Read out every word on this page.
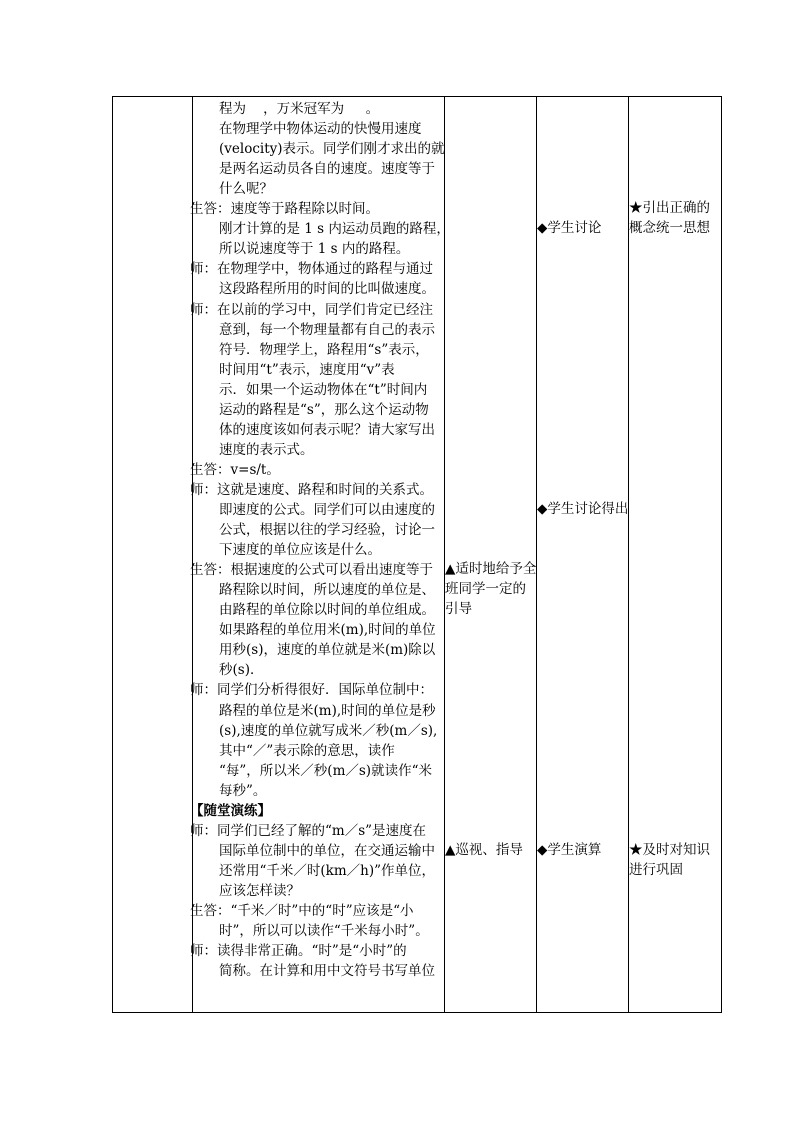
程为    ，万米冠军为     。
在物理学中物体运动的快慢用速度
(velocity)表示。同学们刚才求出的就
是两名运动员各自的速度。速度等于
什么呢？
生答：速度等于路程除以时间。
刚才计算的是 1 s 内运动员跑的路程，
所以说速度等于 1 s 内的路程。
师：在物理学中，物体通过的路程与通过
这段路程所用的时间的比叫做速度。
师：在以前的学习中，同学们肯定已经注
意到，每一个物理量都有自己的表示
符号．物理学上，路程用“s”表示，
时间用“t”表示，速度用“v”表
示．如果一个运动物体在“t”时间内
运动的路程是“s”，那么这个运动物
体的速度该如何表示呢？请大家写出
速度的表示式。
生答：v=s/t。
师：这就是速度、路程和时间的关系式。
即速度的公式。同学们可以由速度的
公式，根据以往的学习经验，讨论一
下速度的单位应该是什么。
生答：根据速度的公式可以看出速度等于
路程除以时间，所以速度的单位是、
由路程的单位除以时间的单位组成。
如果路程的单位用米(m),时间的单位
用秒(s)，速度的单位就是米(m)除以
秒(s)．
师：同学们分析得很好．国际单位制中：
路程的单位是米(m),时间的单位是秒
(s),速度的单位就写成米／秒(m／s),
其中“／”表示除的意思，读作
“每”，所以米／秒(m／s)就读作“米
每秒”。
【随堂演练】
师：同学们已经了解的“m／s”是速度在
国际单位制中的单位，在交通运输中
还常用“千米／时(km／h)”作单位，
应该怎样读？
生答：“千米／时”中的“时”应该是“小
时”，所以可以读作“千米每小时”。
师：读得非常正确。“时”是“小时”的
简称。在计算和用中文符号书写单位
▲适时地给予全班同学一定的引导
▲巡视、指导
◆学生讨论
◆学生讨论得出
◆学生演算
★引出正确的概念统一思想
★及时对知识进行巩固
